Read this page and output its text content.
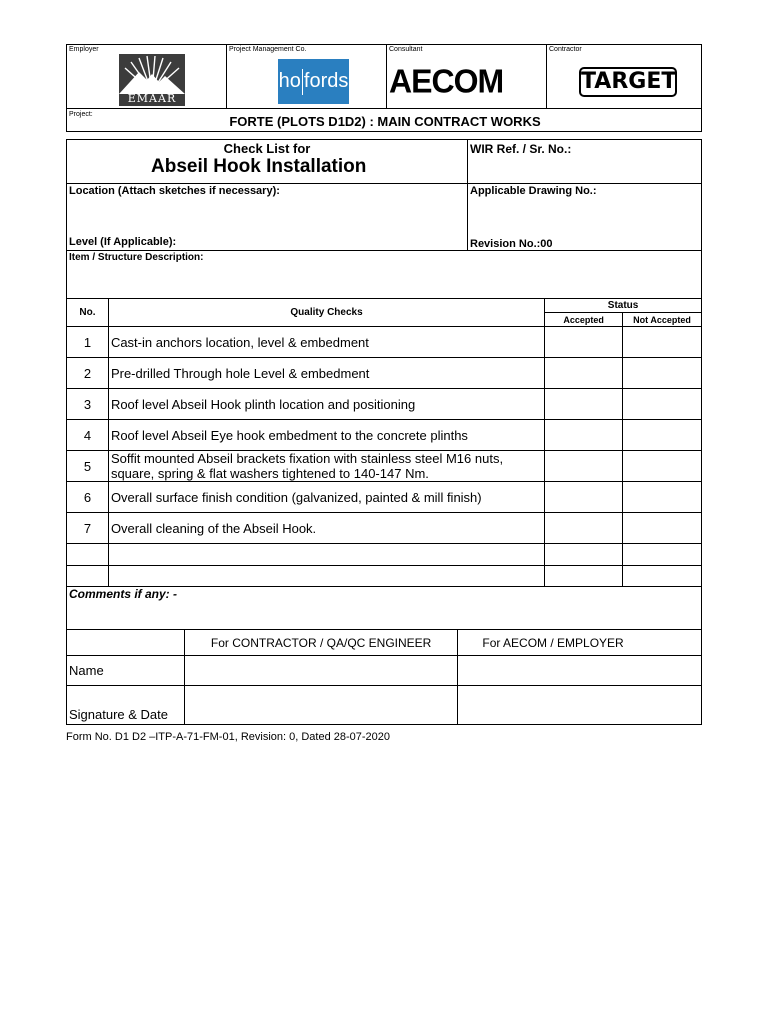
Employer	Project Management Co.	Consultant	Contractor
EMAAR
ho fords AECOM	TARGET
Project:	FORTE (PLOTS D1D2) : MAIN CONTRACT WORKS
Check List for
Abseil Hook Installation
WIR Ref. / Sr. No.:
Location (Attach sketches if necessary):	Applicable Drawing No.:
Level (If Applicable):	Revision No.:00
Item / Structure Description:
No.	Quality Checks	Status	
		Accepted	Not Accepted
1	Cast-in anchors location, level & embedment		
2	Pre-drilled Through hole Level & embedment		
3	Roof level Abseil Hook plinth location and positioning		
4	Roof level Abseil Eye hook embedment to the concrete plinths		
5	Soffit mounted Abseil brackets fixation with stainless steel M16 nuts, square, spring & flat washers tightened to 140-147 Nm.		
6	Overall surface finish condition (galvanized, painted & mill finish)		
7	Overall cleaning of the Abseil Hook.		

Comments if any: -
	For CONTRACTOR / QA/QC ENGINEER	For AECOM / EMPLOYER
Name		
Signature & Date		
Form No. D1 D2 –ITP-A-71-FM-01, Revision: 0, Dated 28-07-2020
